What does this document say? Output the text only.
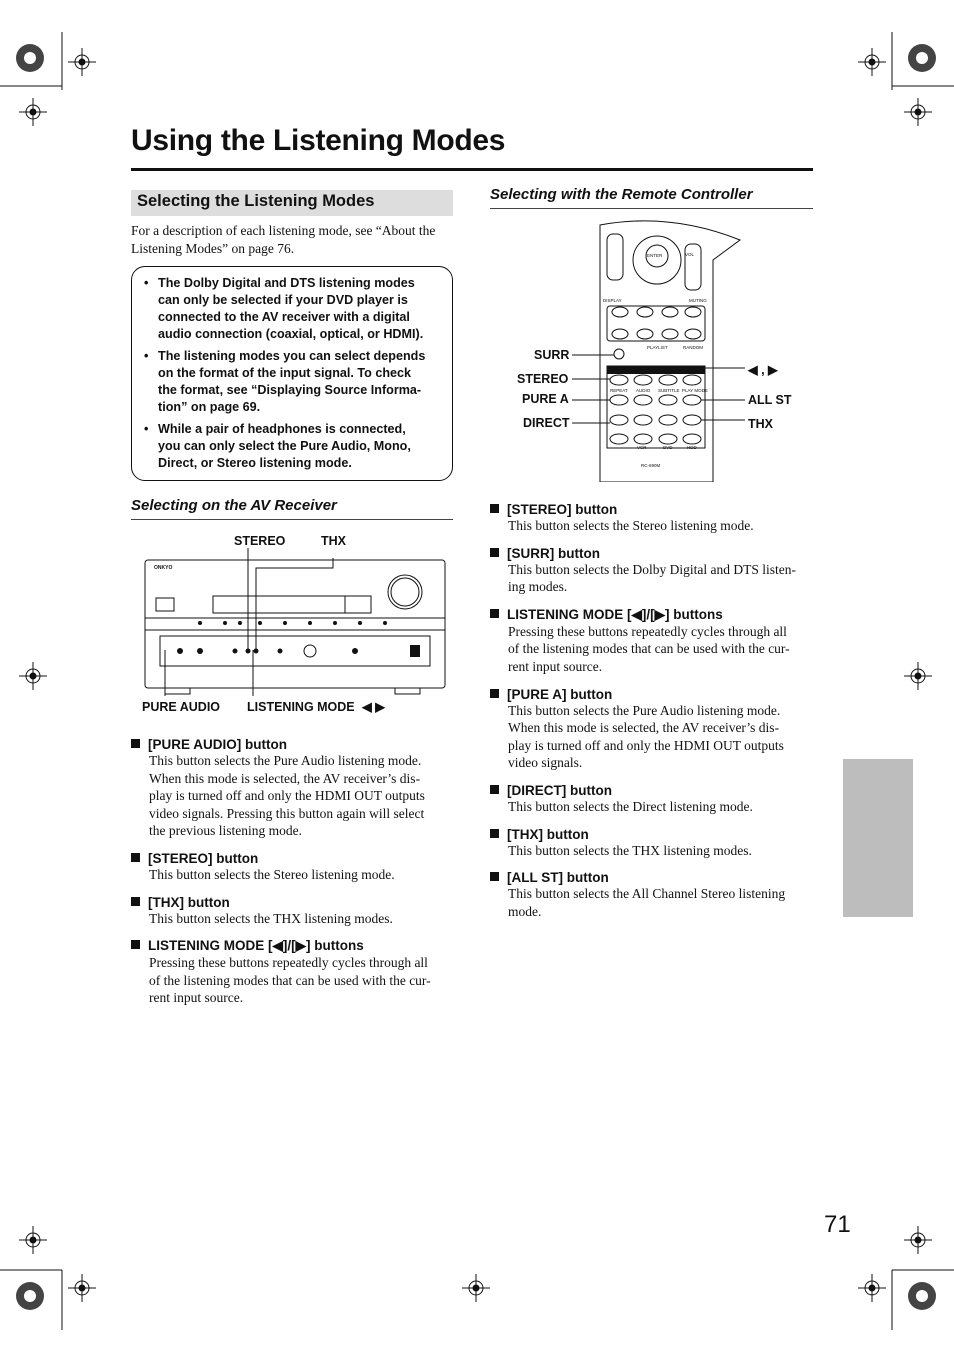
Using the Listening Modes
Selecting the Listening Modes
For a description of each listening mode, see “About the
Listening Modes” on page 76.
• The Dolby Digital and DTS listening modes
can only be selected if your DVD player is
connected to the AV receiver with a digital
audio connection (coaxial, optical, or HDMI).
• The listening modes you can select depends
on the format of the input signal. To check
the format, see “Displaying Source Informa-
tion” on page 69.
• While a pair of headphones is connected,
you can only select the Pure Audio, Mono,
Direct, or Stereo listening mode.
Selecting on the AV Receiver
STEREO	THX
ONKYO
PURE AUDIO LISTENING MODE ◀ ▶
[PURE AUDIO] button
This button selects the Pure Audio listening mode.
When this mode is selected, the AV receiver’s dis-
play is turned off and only the HDMI OUT outputs
video signals. Pressing this button again will select
the previous listening mode.
[STEREO] button
This button selects the Stereo listening mode.
[THX] button
This button selects the THX listening modes.
LISTENING MODE [◀]/[▶] buttons
Pressing these buttons repeatedly cycles through all
of the listening modes that can be used with the cur-
rent input source.
Selecting with the Remote Controller
VOL
ENTER
DISPLAY	MUTING
PLAYLIST	RANDOM
REPEAT AUDIO SUBTITLE PLAY MODE
VCR	DVD	HDD
RC-690M
SURR
STEREO
PURE A
DIRECT
◀ , ▶
ALL ST
THX
[STEREO] button
This button selects the Stereo listening mode.
[SURR] button
This button selects the Dolby Digital and DTS listen-
ing modes.
LISTENING MODE [◀]/[▶] buttons
Pressing these buttons repeatedly cycles through all
of the listening modes that can be used with the cur-
rent input source.
[PURE A] button
This button selects the Pure Audio listening mode.
When this mode is selected, the AV receiver’s dis-
play is turned off and only the HDMI OUT outputs
video signals.
[DIRECT] button
This button selects the Direct listening mode.
[THX] button
This button selects the THX listening modes.
[ALL ST] button
This button selects the All Channel Stereo listening
mode.
71
